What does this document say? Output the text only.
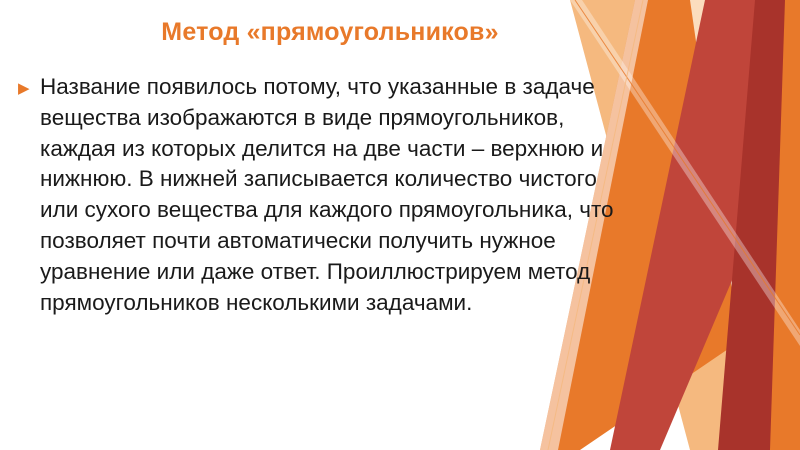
Метод «прямоугольников»
▶ Название появилось потому, что указанные в задаче вещества изображаются в виде прямоугольников, каждая из которых делится на две части – верхнюю и нижнюю. В нижней записывается количество чистого или сухого вещества для каждого прямоугольника, что позволяет почти автоматически получить нужное уравнение или даже ответ. Проиллюстрируем метод прямоугольников несколькими задачами.
